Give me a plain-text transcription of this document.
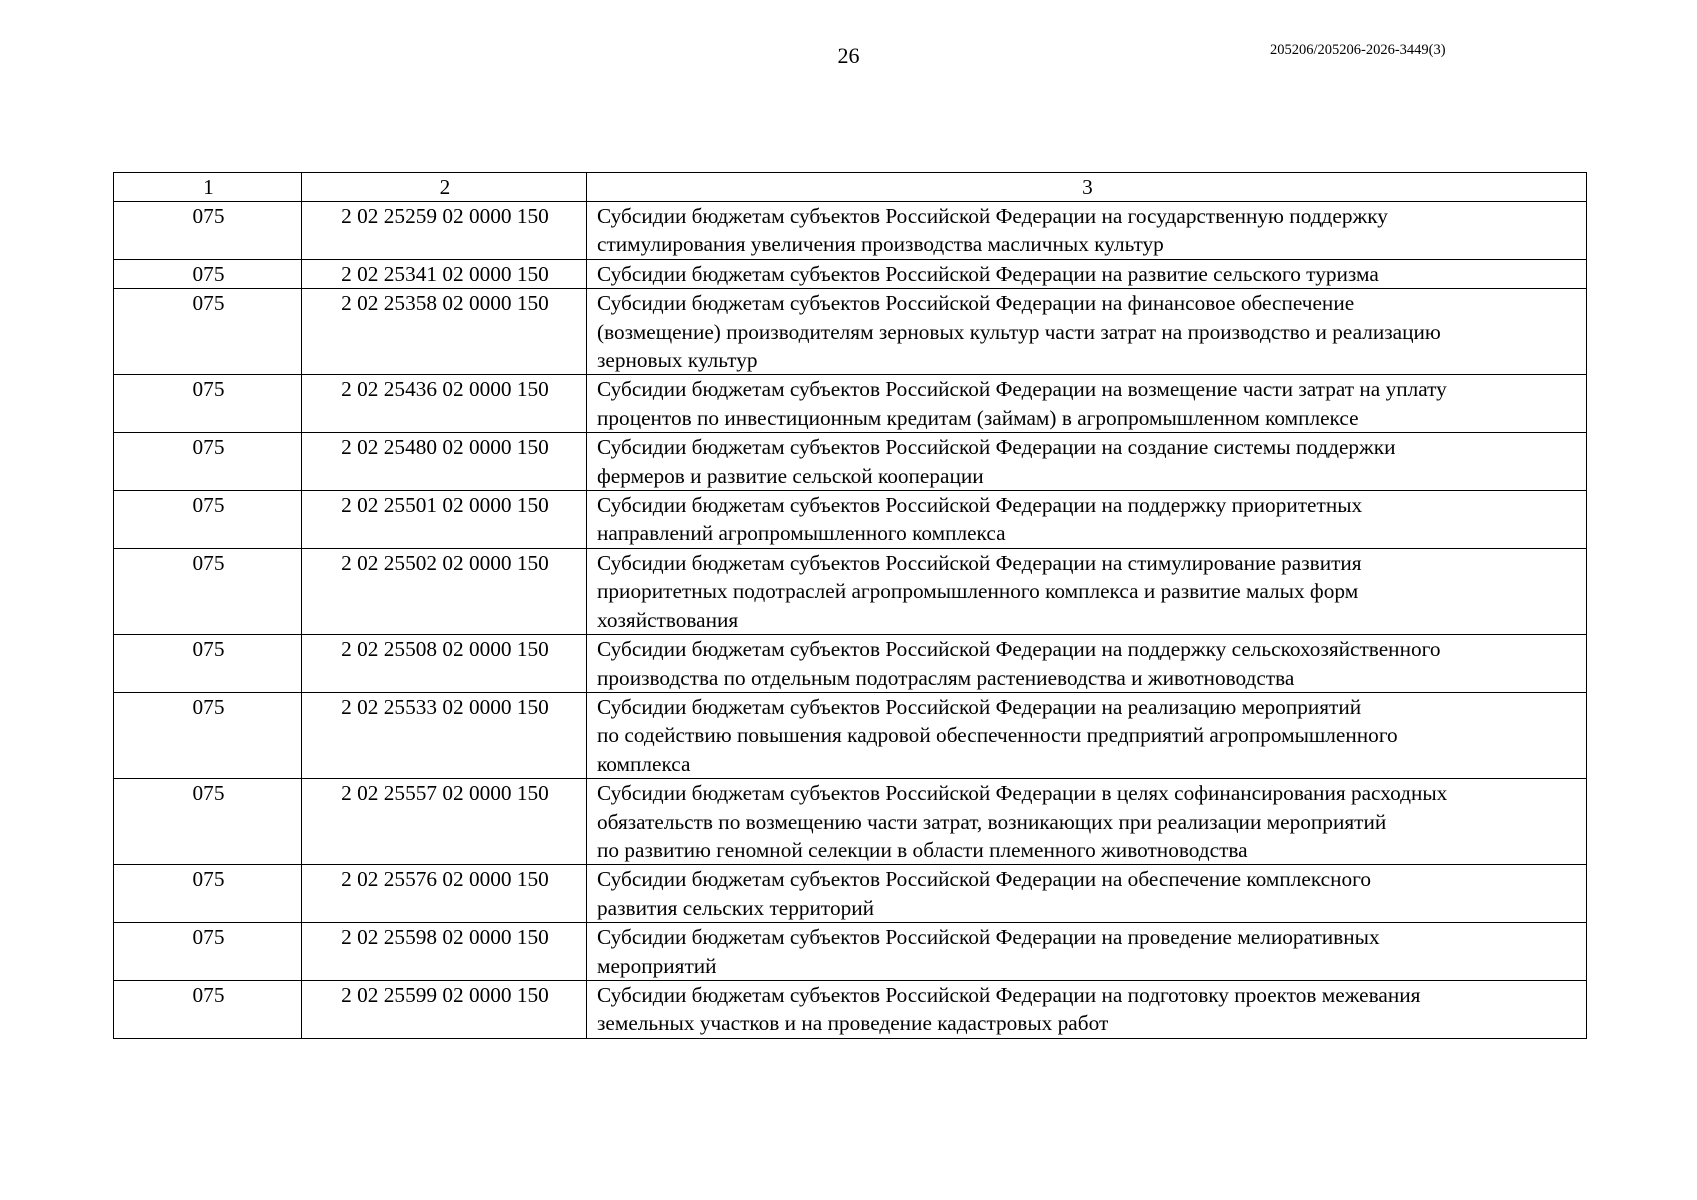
26	205206/205206-2026-3449(3)
1	2	3
075	2 02 25259 02 0000 150	Субсидии бюджетам субъектов Российской Федерации на государственную поддержку
стимулирования увеличения производства масличных культур

075	2 02 25341 02 0000 150	Субсидии бюджетам субъектов Российской Федерации на развитие сельского туризма

075	2 02 25358 02 0000 150	Субсидии бюджетам субъектов Российской Федерации на финансовое обеспечение
(возмещение) производителям зерновых культур части затрат на производство и реализацию
зерновых культур

075	2 02 25436 02 0000 150	Субсидии бюджетам субъектов Российской Федерации на возмещение части затрат на уплату
процентов по инвестиционным кредитам (займам) в агропромышленном комплексе

075	2 02 25480 02 0000 150	Субсидии бюджетам субъектов Российской Федерации на создание системы поддержки
фермеров и развитие сельской кооперации

075	2 02 25501 02 0000 150	Субсидии бюджетам субъектов Российской Федерации на поддержку приоритетных
направлений агропромышленного комплекса

075	2 02 25502 02 0000 150	Субсидии бюджетам субъектов Российской Федерации на стимулирование развития
приоритетных подотраслей агропромышленного комплекса и развитие малых форм
хозяйствования

075	2 02 25508 02 0000 150	Субсидии бюджетам субъектов Российской Федерации на поддержку сельскохозяйственного
производства по отдельным подотраслям растениеводства и животноводства

075	2 02 25533 02 0000 150	Субсидии бюджетам субъектов Российской Федерации на реализацию мероприятий
по содействию повышения кадровой обеспеченности предприятий агропромышленного
комплекса

075	2 02 25557 02 0000 150	Субсидии бюджетам субъектов Российской Федерации в целях софинансирования расходных
обязательств по возмещению части затрат, возникающих при реализации мероприятий
по развитию геномной селекции в области племенного животноводства

075	2 02 25576 02 0000 150	Субсидии бюджетам субъектов Российской Федерации на обеспечение комплексного
развития сельских территорий

075	2 02 25598 02 0000 150	Субсидии бюджетам субъектов Российской Федерации на проведение мелиоративных
мероприятий

075	2 02 25599 02 0000 150	Субсидии бюджетам субъектов Российской Федерации на подготовку проектов межевания
земельных участков и на проведение кадастровых работ
